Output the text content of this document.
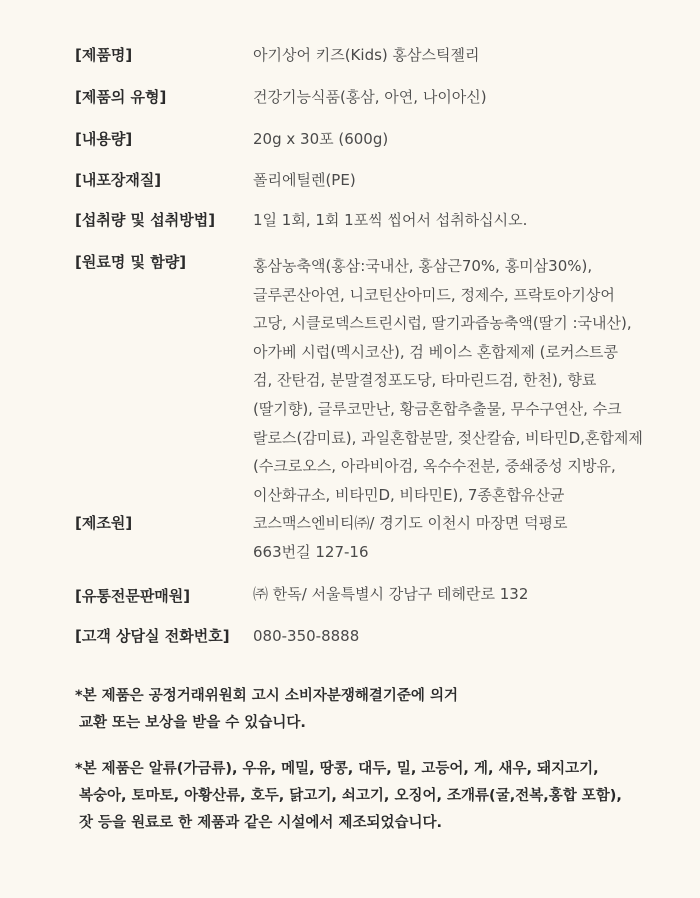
[제품명]	아기상어 키즈(Kids) 홍삼스틱젤리
[제품의 유형]	건강기능식품(홍삼, 아연, 나이아신)
[내용량]	20g x 30포 (600g)
[내포장재질]	폴리에틸렌(PE)
[섭취량 및 섭취방법]	1일 1회, 1회 1포씩 씹어서 섭취하십시오.
[원료명 및 함량]	홍삼농축액(홍삼:국내산, 홍삼근70%, 홍미삼30%),
글루콘산아연, 니코틴산아미드, 정제수, 프락토아기상어
고당, 시클로덱스트린시럽, 딸기과즙농축액(딸기 :국내산),
아가베 시럽(멕시코산), 검 베이스 혼합제제 (로커스트콩
검, 잔탄검, 분말결정포도당, 타마린드검, 한천), 향료
(딸기향), 글루코만난, 황금혼합추출물, 무수구연산, 수크
랄로스(감미료), 과일혼합분말, 젖산칼슘, 비타민D,혼합제제
(수크로오스, 아라비아검, 옥수수전분, 중쇄중성 지방유,
이산화규소, 비타민D, 비타민E), 7종혼합유산균
[제조원]	코스맥스엔비티㈜/ 경기도 이천시 마장면 덕평로
663번길 127-16
[유통전문판매원]	㈜ 한독/ 서울특별시 강남구 테헤란로 132
[고객 상담실 전화번호] 080-350-8888
*본 제품은 공정거래위원회 고시 소비자분쟁해결기준에 의거
교환 또는 보상을 받을 수 있습니다.
*본 제품은 알류(가금류), 우유, 메밀, 땅콩, 대두, 밀, 고등어, 게, 새우, 돼지고기,
복숭아, 토마토, 아황산류, 호두, 닭고기, 쇠고기, 오징어, 조개류(굴,전복,홍합 포함),
잣 등을 원료로 한 제품과 같은 시설에서 제조되었습니다.
